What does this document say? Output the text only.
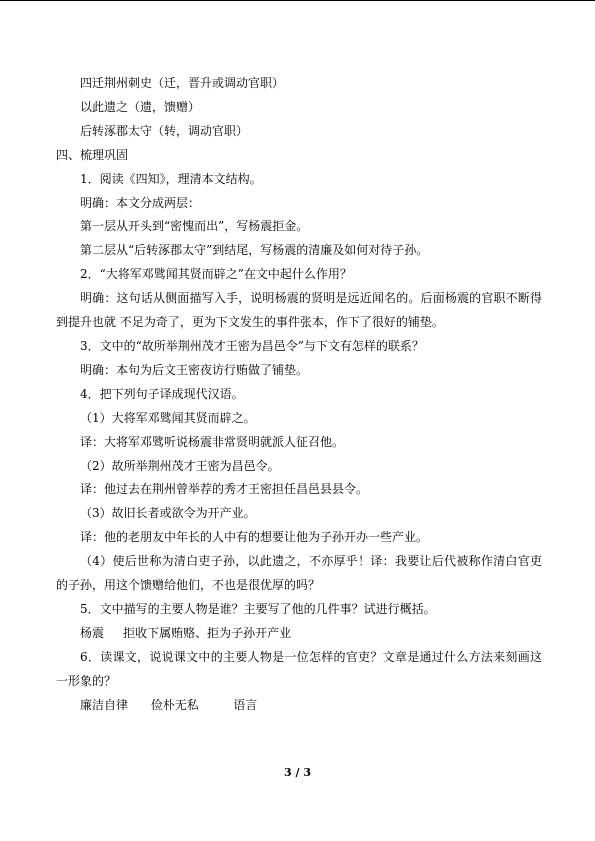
四迁荆州刺史（迁，晋升或调动官职）
以此遗之（遗，馈赠）
后转涿郡太守（转，调动官职）
四、梳理巩固
1．阅读《四知》，理清本文结构。
明确：本文分成两层：
第一层从开头到“密愧而出”，写杨震拒金。
第二层从“后转涿郡太守”到结尾，写杨震的清廉及如何对待子孙。
2．“大将军邓骘闻其贤而辟之”在文中起什么作用？
明确：这句话从侧面描写入手，说明杨震的贤明是远近闻名的。后面杨震的官职不断得到提升也就 不足为奇了，更为下文发生的事件张本，作下了很好的铺垫。
3．文中的“故所举荆州茂才王密为昌邑令”与下文有怎样的联系？
明确：本句为后文王密夜访行贿做了铺垫。
4．把下列句子译成现代汉语。
（1）大将军邓骘闻其贤而辟之。
译：大将军邓骘听说杨震非常贤明就派人征召他。
（2）故所举荆州茂才王密为昌邑令。
译：他过去在荆州曾举荐的秀才王密担任昌邑县县令。
（3）故旧长者或欲令为开产业。
译：他的老朋友中年长的人中有的想要让他为子孙开办一些产业。
（4）使后世称为清白吏子孙，以此遗之，不亦厚乎！译：我要让后代被称作清白官吏的子孙，用这个馈赠给他们，不也是很优厚的吗？
5．文中描写的主要人物是谁？主要写了他的几件事？试进行概括。
杨震     拒收下属贿赂、拒为子孙开产业
6．读课文，说说课文中的主要人物是一位怎样的官吏？文章是通过什么方法来刻画这一形象的？
廉洁自律      俭朴无私         语言
3 / 3
